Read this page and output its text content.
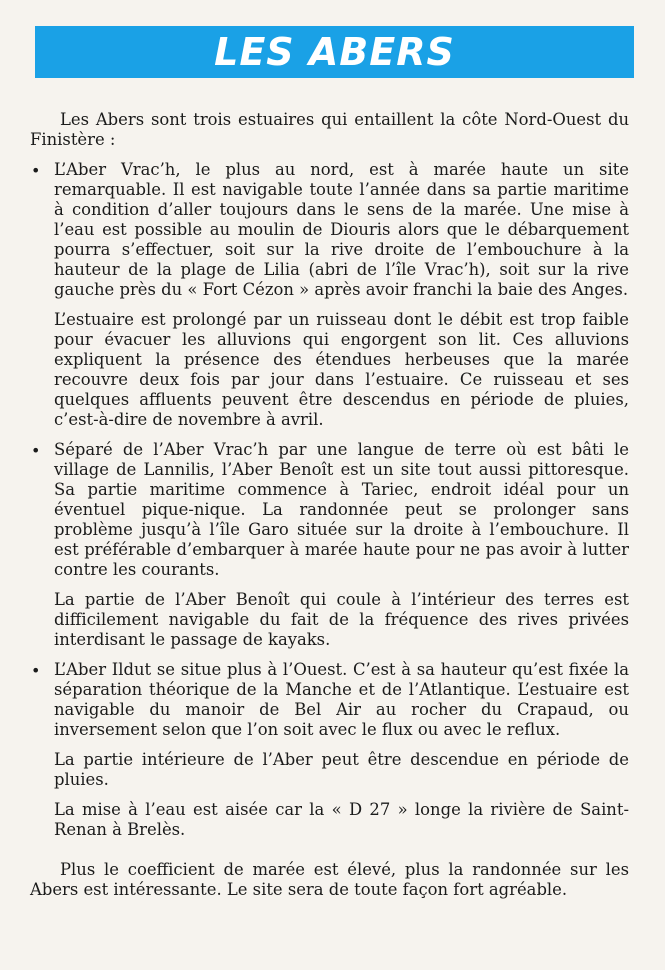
LES ABERS

Les Abers sont trois estuaires qui entaillent la côte Nord-Ouest du Finistère :

• L’Aber Vrac’h, le plus au nord, est à marée haute un site remarquable. Il est navigable toute l’année dans sa partie maritime à condition d’aller toujours dans le sens de la marée. Une mise à l’eau est possible au moulin de Diouris alors que le débarquement pourra s’effectuer, soit sur la rive droite de l’embouchure à la hauteur de la plage de Lilia (abri de l’île Vrac’h), soit sur la rive gauche près du « Fort Cézon » après avoir franchi la baie des Anges.

L’estuaire est prolongé par un ruisseau dont le débit est trop faible pour évacuer les alluvions qui engorgent son lit. Ces alluvions expliquent la présence des étendues herbeuses que la marée recouvre deux fois par jour dans l’estuaire. Ce ruisseau et ses quelques affluents peuvent être descendus en période de pluies, c’est-à-dire de novembre à avril.

• Séparé de l’Aber Vrac’h par une langue de terre où est bâti le village de Lannilis, l’Aber Benoît est un site tout aussi pittoresque. Sa partie maritime commence à Tariec, endroit idéal pour un éventuel pique-nique. La randonnée peut se prolonger sans problème jusqu’à l’île Garo située sur la droite à l’embouchure. Il est préférable d’embarquer à marée haute pour ne pas avoir à lutter contre les courants.

La partie de l’Aber Benoît qui coule à l’intérieur des terres est difficilement navigable du fait de la fréquence des rives privées interdisant le passage de kayaks.

• L’Aber Ildut se situe plus à l’Ouest. C’est à sa hauteur qu’est fixée la séparation théorique de la Manche et de l’Atlantique. L’estuaire est navigable du manoir de Bel Air au rocher du Crapaud, ou inversement selon que l’on soit avec le flux ou avec le reflux.

La partie intérieure de l’Aber peut être descendue en période de pluies.

La mise à l’eau est aisée car la « D 27 » longe la rivière de Saint-Renan à Brelès.

Plus le coefficient de marée est élevé, plus la randonnée sur les Abers est intéressante. Le site sera de toute façon fort agréable.
